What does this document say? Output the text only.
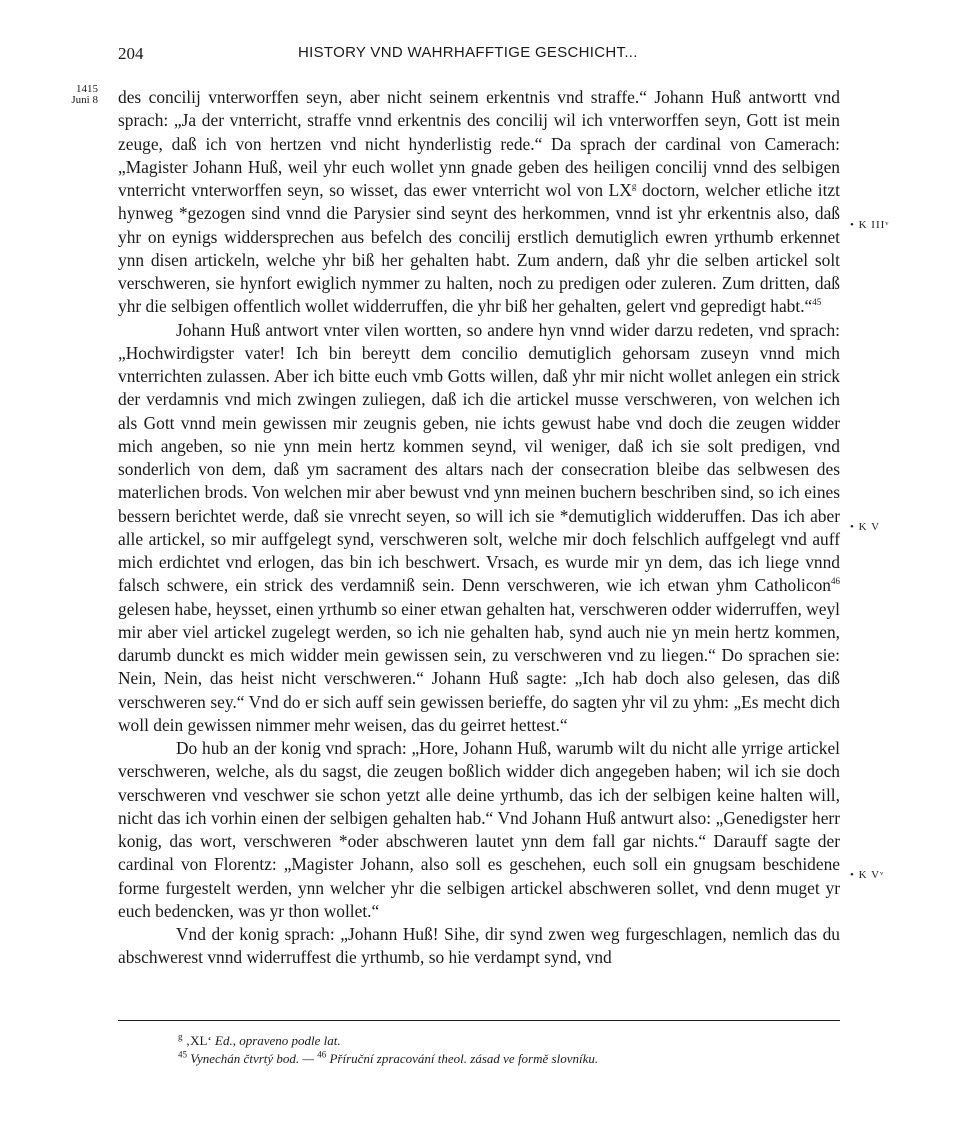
204	HISTORY VND WAHRHAFFTIGE GESCHICHT...
1415
Juni 8
• K IIIᵛ
• K V
• K Vᵛ

des concilij vnterworffen seyn, aber nicht seinem erkentnis vnd straffe.“ Johann Huß antwortt vnd sprach: „Ja der vnterricht, straffe vnnd erkentnis des concilij wil ich vnterworffen seyn, Gott ist mein zeuge, daß ich von hertzen vnd nicht hynderlistig rede.“ Da sprach der cardinal von Camerach: „Magister Johann Huß, weil yhr euch wollet ynn gnade geben des heiligen concilij vnnd des selbigen vnterricht vnterworffen seyn, so wisset, das ewer vnterricht wol von $LX^g$ doctorn, welcher etliche itzt hynweg *gezogen sind vnnd die Parysier sind seynt des herkommen, vnnd ist yhr erkentnis also, daß yhr on eynigs widdersprechen aus befelch des concilij erstlich demutiglich ewren yrthumb erkennet ynn disen artickeln, welche yhr biß her gehalten habt. Zum andern, daß yhr die selben artickel solt verschweren, sie hynfort ewiglich nymmer zu halten, noch zu predigen oder zuleren. Zum dritten, daß yhr die selbigen offentlich wollet widderruffen, die yhr biß her gehalten, gelert vnd gepredigt habt.“$^{45}$

Johann Huß antwort vnter vilen wortten, so andere hyn vnnd wider darzu redeten, vnd sprach: „Hochwirdigster vater! Ich bin bereytt dem concilio demutiglich gehorsam zuseyn vnnd mich vnterrichten zulassen. Aber ich bitte euch vmb Gotts willen, daß yhr mir nicht wollet anlegen ein strick der verdamnis vnd mich zwingen zuliegen, daß ich die artickel musse verschweren, von welchen ich als Gott vnnd mein gewissen mir zeugnis geben, nie ichts gewust habe vnd doch die zeugen widder mich angeben, so nie ynn mein hertz kommen seynd, vil weniger, daß ich sie solt predigen, vnd sonderlich von dem, daß ym sacrament des altars nach der consecration bleibe das selbwesen des materlichen brods. Von welchen mir aber bewust vnd ynn meinen buchern beschriben sind, so ich eines bessern berichtet werde, daß sie vnrecht seyen, so will ich sie *demutiglich widderuffen. Das ich aber alle artickel, so mir auffgelegt synd, verschweren solt, welche mir doch felschlich auffgelegt vnd auff mich erdichtet vnd erlogen, das bin ich beschwert. Vrsach, es wurde mir yn dem, das ich liege vnnd falsch schwere, ein strick des verdamniß sein. Denn verschweren, wie ich etwan yhm Catholicon$^{46}$ gelesen habe, heysset, einen yrthumb so einer etwan gehalten hat, verschweren odder widerruffen, weyl mir aber viel artickel zugelegt werden, so ich nie gehalten hab, synd auch nie yn mein hertz kommen, darumb dunckt es mich widder mein gewissen sein, zu verschweren vnd zu liegen.“ Do sprachen sie: Nein, Nein, das heist nicht verschweren.“ Johann Huß sagte: „Ich hab doch also gelesen, das diß verschweren sey.“ Vnd do er sich auff sein gewissen berieffe, do sagten yhr vil zu yhm: „Es mecht dich woll dein gewissen nimmer mehr weisen, das du geirret hettest.“

Do hub an der konig vnd sprach: „Hore, Johann Huß, warumb wilt du nicht alle yrrige artickel verschweren, welche, als du sagst, die zeugen boßlich widder dich angegeben haben; wil ich sie doch verschweren vnd veschwer sie schon yetzt alle deine yrthumb, das ich der selbigen keine halten will, nicht das ich vorhin einen der selbigen gehalten hab.“ Vnd Johann Huß antwurt also: „Genedigster herr konig, das wort, verschweren *oder abschweren lautet ynn dem fall gar nichts.“ Darauff sagte der cardinal von Florentz: „Magister Johann, also soll es geschehen, euch soll ein gnugsam beschidene forme furgestelt werden, ynn welcher yhr die selbigen artickel abschweren sollet, vnd denn muget yr euch bedencken, was yr thon wollet.“

Vnd der konig sprach: „Johann Huß! Sihe, dir synd zwen weg furgeschlagen, nemlich das du abschwerest vnnd widerruffest die yrthumb, so hie verdampt synd, vnd

$^g$ ‚XL‘ Ed., opraveno podle lat.
$^{45}$ Vynechán čtvrtý bod. — $^{46}$ Příruční zpracování theol. zásad ve formě slovníku.
